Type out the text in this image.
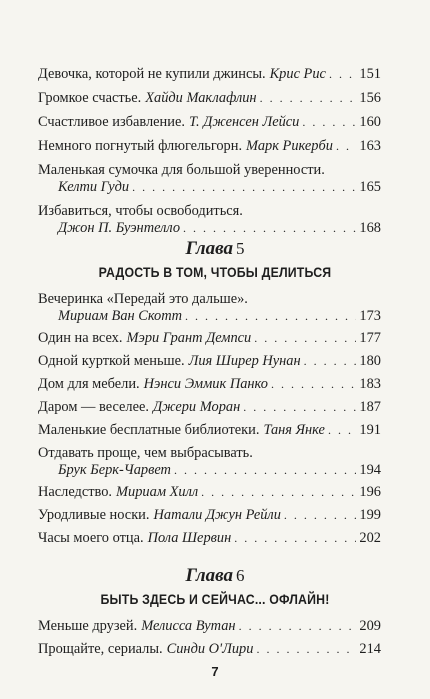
Девочка, которой не купили джинсы. Крис Рис . . . 151
Громкое счастье. Хайди Маклафлин . . .	156
Счастливое избавление. Т. Дженсен Лейси . . .	160
Немного погнутый флюгельгорн. Марк Рикерби . . . 163
Маленькая сумочка для большой уверенности.
Келти Гуди . . .	165
Избавиться, чтобы освободиться.
Джон П. Буэнтелло . . .	168
Глава 5
РАДОСТЬ В ТОМ, ЧТОБЫ ДЕЛИТЬСЯ
Вечеринка «Передай это дальше».
Мириам Ван Скотт . . .	173
Один на всех. Мэри Грант Демпси . . .	177
Одной курткой меньше. Лия Ширер Нунан . . .	180
Дом для мебели. Нэнси Эммик Панко . . .	183
Даром — веселее. Джери Моран . . .	187
Маленькие бесплатные библиотеки. Таня Янке . . . 191
Отдавать проще, чем выбрасывать.
Брук Берк-Чарвет . . .	194
Наследство. Мириам Хилл . . .	196
Уродливые носки. Натали Джун Рейли . . .	199
Часы моего отца. Пола Шервин . . .	202
Глава 6
БЫТЬ ЗДЕСЬ И СЕЙЧАС... ОФЛАЙН!
Меньше друзей. Мелисса Вутан . . .	209
Прощайте, сериалы. Синди О'Лири . . .	214
7
